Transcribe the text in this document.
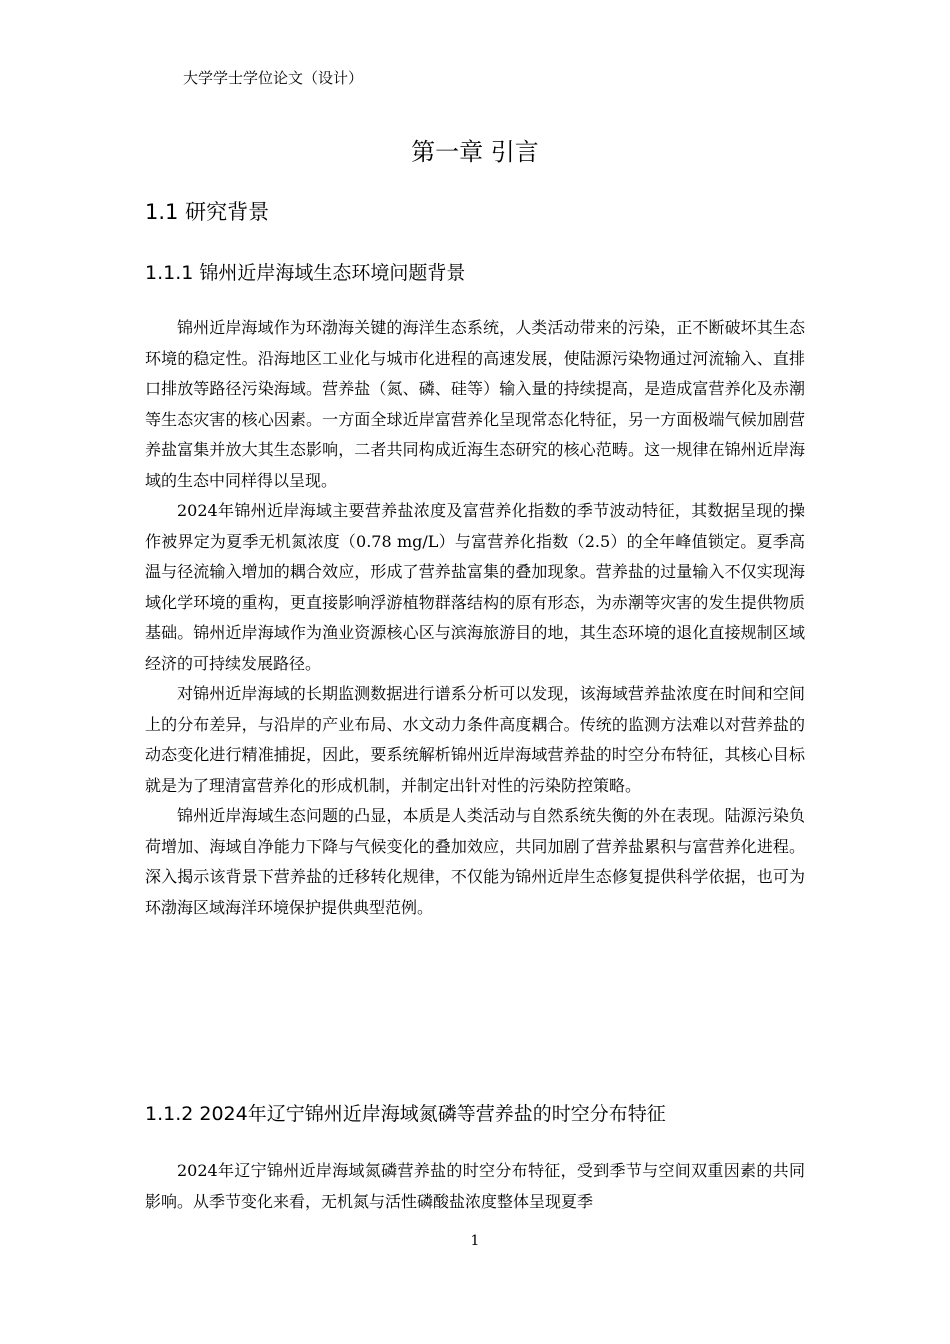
大学学士学位论文（设计）
第一章 引言
1.1 研究背景
1.1.1 锦州近岸海域生态环境问题背景

锦州近岸海域作为环渤海关键的海洋生态系统，人类活动带来的污染，正不断破坏其生态环境的稳定性。沿海地区工业化与城市化进程的高速发展，使陆源污染物通过河流输入、直排口排放等路径污染海域。营养盐（氮、磷、硅等）输入量的持续提高，是造成富营养化及赤潮等生态灾害的核心因素。一方面全球近岸富营养化呈现常态化特征，另一方面极端气候加剧营养盐富集并放大其生态影响，二者共同构成近海生态研究的核心范畴。这一规律在锦州近岸海域的生态中同样得以呈现。

2024年锦州近岸海域主要营养盐浓度及富营养化指数的季节波动特征，其数据呈现的操作被界定为夏季无机氮浓度（0.78 mg/L）与富营养化指数（2.5）的全年峰值锁定。夏季高温与径流输入增加的耦合效应，形成了营养盐富集的叠加现象。营养盐的过量输入不仅实现海域化学环境的重构，更直接影响浮游植物群落结构的原有形态，为赤潮等灾害的发生提供物质基础。锦州近岸海域作为渔业资源核心区与滨海旅游目的地，其生态环境的退化直接规制区域经济的可持续发展路径。

对锦州近岸海域的长期监测数据进行谱系分析可以发现，该海域营养盐浓度在时间和空间上的分布差异，与沿岸的产业布局、水文动力条件高度耦合。传统的监测方法难以对营养盐的动态变化进行精准捕捉，因此，要系统解析锦州近岸海域营养盐的时空分布特征，其核心目标就是为了理清富营养化的形成机制，并制定出针对性的污染防控策略。

锦州近岸海域生态问题的凸显，本质是人类活动与自然系统失衡的外在表现。陆源污染负荷增加、海域自净能力下降与气候变化的叠加效应，共同加剧了营养盐累积与富营养化进程。深入揭示该背景下营养盐的迁移转化规律，不仅能为锦州近岸生态修复提供科学依据，也可为环渤海区域海洋环境保护提供典型范例。

1.1.2 2024年辽宁锦州近岸海域氮磷等营养盐的时空分布特征

2024年辽宁锦州近岸海域氮磷营养盐的时空分布特征，受到季节与空间双重因素的共同影响。从季节变化来看，无机氮与活性磷酸盐浓度整体呈现夏季

1
